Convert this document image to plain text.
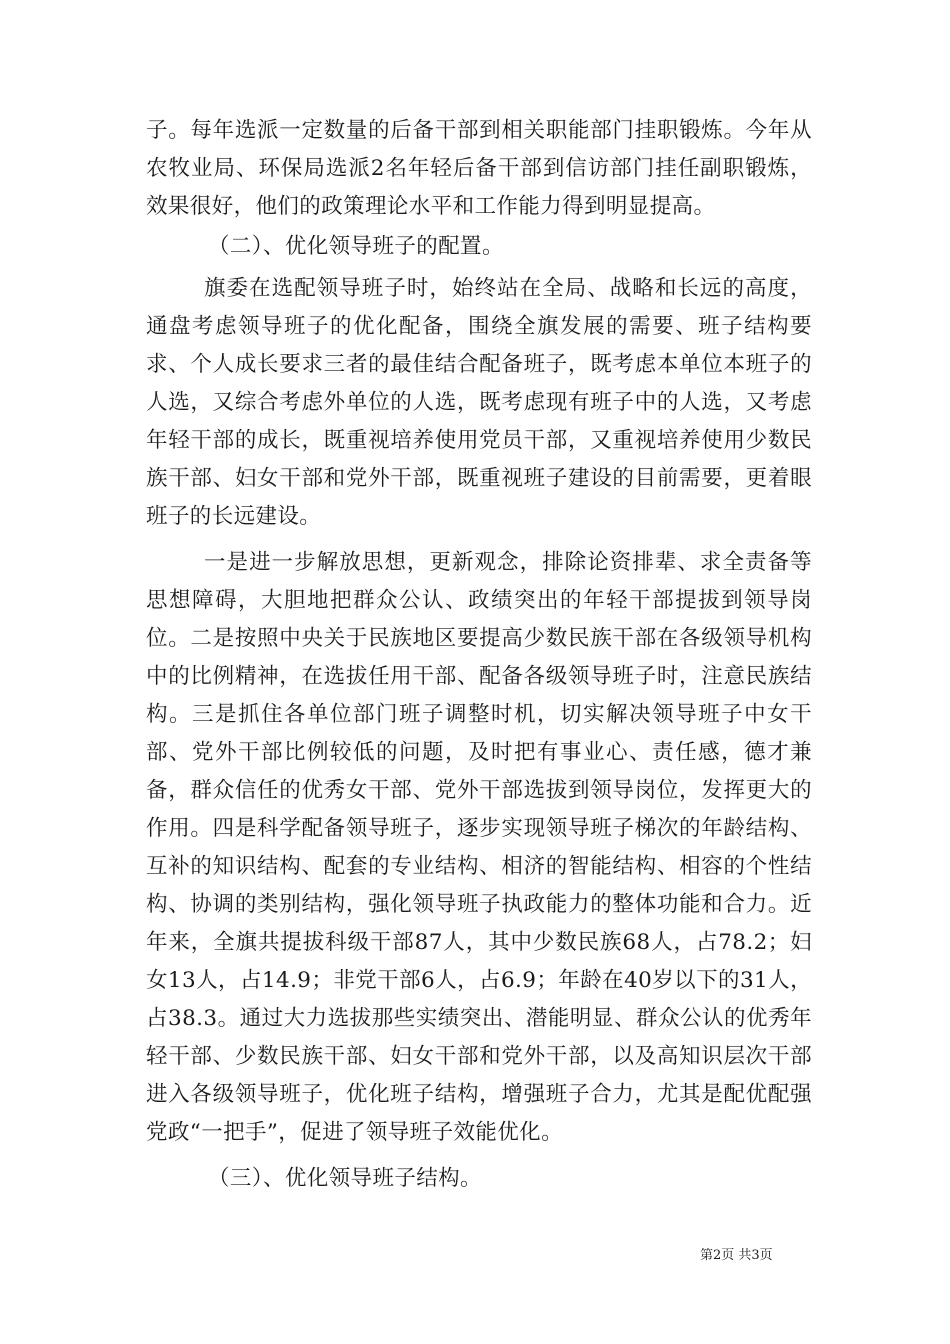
子。每年选派一定数量的后备干部到相关职能部门挂职锻炼。今年从农牧业局、环保局选派2名年轻后备干部到信访部门挂任副职锻炼，效果很好，他们的政策理论水平和工作能力得到明显提高。

（二）、优化领导班子的配置。

旗委在选配领导班子时，始终站在全局、战略和长远的高度，通盘考虑领导班子的优化配备，围绕全旗发展的需要、班子结构要求、个人成长要求三者的最佳结合配备班子，既考虑本单位本班子的人选，又综合考虑外单位的人选，既考虑现有班子中的人选，又考虑年轻干部的成长，既重视培养使用党员干部，又重视培养使用少数民族干部、妇女干部和党外干部，既重视班子建设的目前需要，更着眼班子的长远建设。

一是进一步解放思想，更新观念，排除论资排辈、求全责备等思想障碍，大胆地把群众公认、政绩突出的年轻干部提拔到领导岗位。二是按照中央关于民族地区要提高少数民族干部在各级领导机构中的比例精神，在选拔任用干部、配备各级领导班子时，注意民族结构。三是抓住各单位部门班子调整时机，切实解决领导班子中女干部、党外干部比例较低的问题，及时把有事业心、责任感，德才兼备，群众信任的优秀女干部、党外干部选拔到领导岗位，发挥更大的作用。四是科学配备领导班子，逐步实现领导班子梯次的年龄结构、互补的知识结构、配套的专业结构、相济的智能结构、相容的个性结构、协调的类别结构，强化领导班子执政能力的整体功能和合力。近年来，全旗共提拔科级干部87人，其中少数民族68人，占78.2；妇女13人，占14.9；非党干部6人，占6.9；年龄在40岁以下的31人，占38.3。通过大力选拔那些实绩突出、潜能明显、群众公认的优秀年轻干部、少数民族干部、妇女干部和党外干部，以及高知识层次干部进入各级领导班子，优化班子结构，增强班子合力，尤其是配优配强党政“一把手”，促进了领导班子效能优化。

（三）、优化领导班子结构。

第2页 共3页
